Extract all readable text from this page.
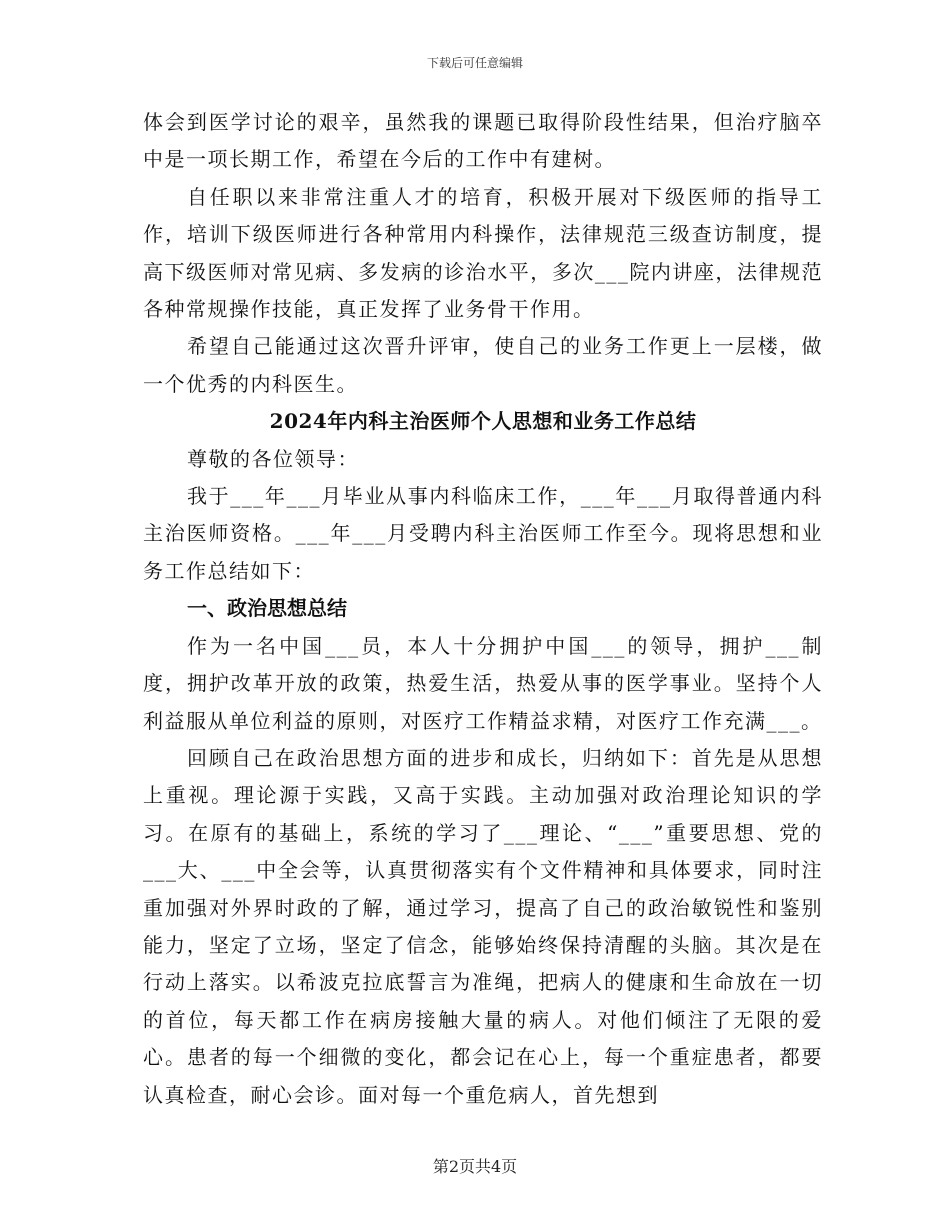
下载后可任意编辑

体会到医学讨论的艰辛，虽然我的课题已取得阶段性结果，但治疗脑卒中是一项长期工作，希望在今后的工作中有建树。

自任职以来非常注重人才的培育，积极开展对下级医师的指导工作，培训下级医师进行各种常用内科操作，法律规范三级查访制度，提高下级医师对常见病、多发病的诊治水平，多次___院内讲座，法律规范各种常规操作技能，真正发挥了业务骨干作用。

希望自己能通过这次晋升评审，使自己的业务工作更上一层楼，做一个优秀的内科医生。

2024年内科主治医师个人思想和业务工作总结

尊敬的各位领导：

我于___年___月毕业从事内科临床工作，___年___月取得普通内科主治医师资格。___年___月受聘内科主治医师工作至今。现将思想和业务工作总结如下：

一、政治思想总结

作为一名中国___员，本人十分拥护中国___的领导，拥护___制度，拥护改革开放的政策，热爱生活，热爱从事的医学事业。坚持个人利益服从单位利益的原则，对医疗工作精益求精，对医疗工作充满___。

回顾自己在政治思想方面的进步和成长，归纳如下：首先是从思想上重视。理论源于实践，又高于实践。主动加强对政治理论知识的学习。在原有的基础上，系统的学习了___理论、“___”重要思想、党的___大、___中全会等，认真贯彻落实有个文件精神和具体要求，同时注重加强对外界时政的了解，通过学习，提高了自己的政治敏锐性和鉴别能力，坚定了立场，坚定了信念，能够始终保持清醒的头脑。其次是在行动上落实。以希波克拉底誓言为准绳，把病人的健康和生命放在一切的首位，每天都工作在病房接触大量的病人。对他们倾注了无限的爱心。患者的每一个细微的变化，都会记在心上，每一个重症患者，都要认真检查，耐心会诊。面对每一个重危病人，首先想到

第2页共4页
